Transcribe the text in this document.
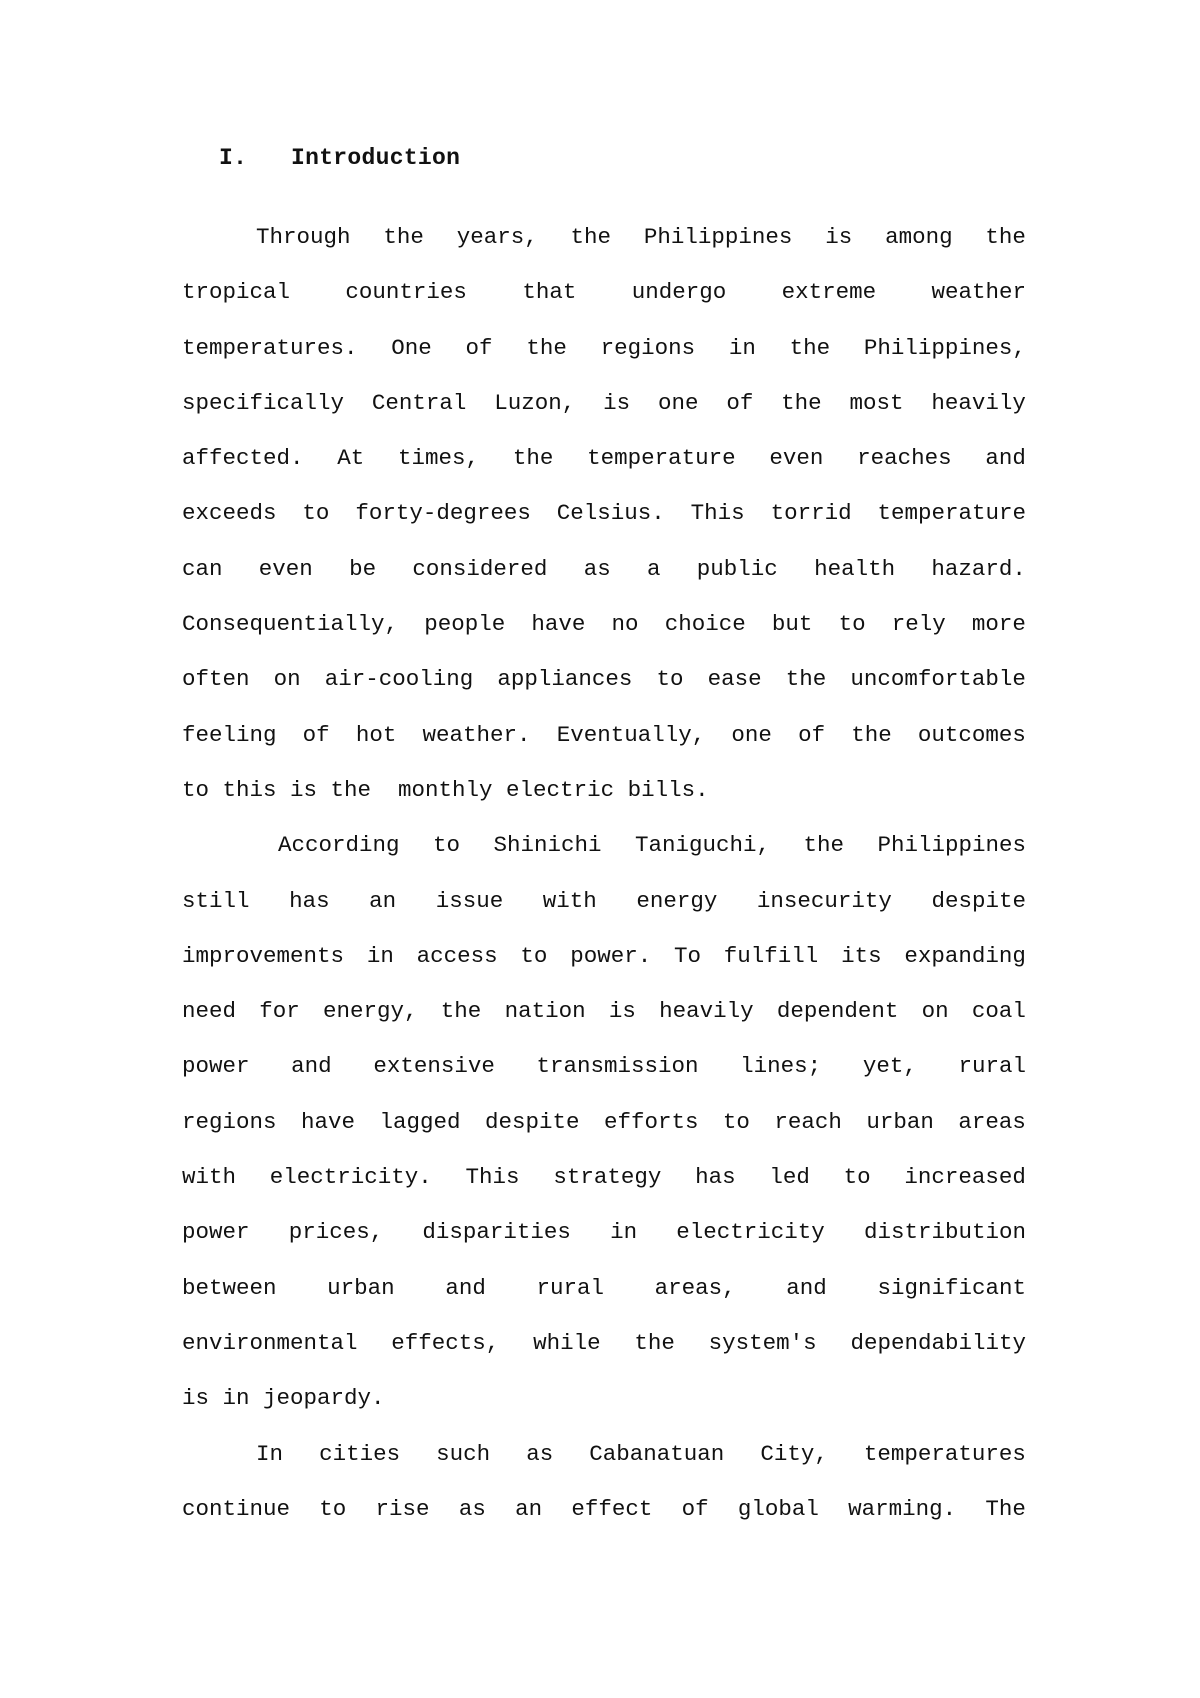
I. Introduction
Through the years, the Philippines is among the
tropical countries that undergo extreme weather
temperatures. One of the regions in the Philippines,
specifically Central Luzon, is one of the most heavily
affected. At times, the temperature even reaches and
exceeds to forty-degrees Celsius. This torrid temperature
can even be considered as a public health hazard.
Consequentially, people have no choice but to rely more
often on air-cooling appliances to ease the uncomfortable
feeling of hot weather. Eventually, one of the outcomes
to this is the  monthly electric bills.
According to Shinichi Taniguchi, the Philippines
still has an issue with energy insecurity despite
improvements in access to power. To fulfill its expanding
need for energy, the nation is heavily dependent on coal
power and extensive transmission lines; yet, rural
regions have lagged despite efforts to reach urban areas
with electricity. This strategy has led to increased
power prices, disparities in electricity distribution
between urban and rural areas, and significant
environmental effects, while the system's dependability
is in jeopardy.
In cities such as Cabanatuan City, temperatures
continue to rise as an effect of global warming. The
